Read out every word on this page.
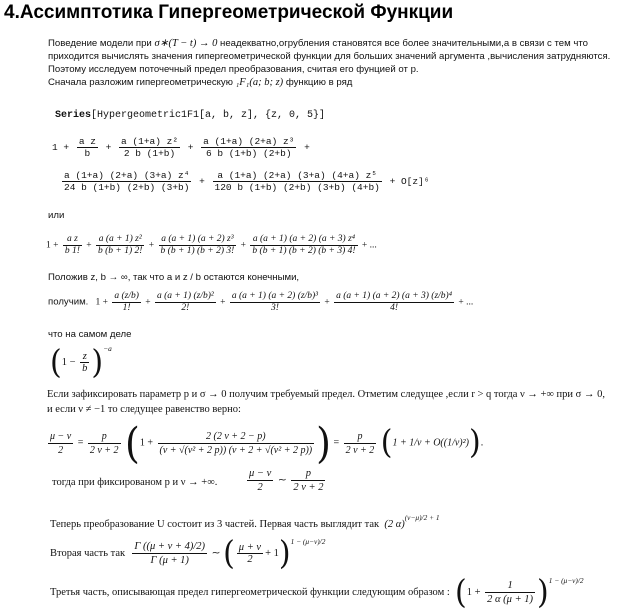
4.Ассимптотика Гипергеометрической Функции
Поведение модели при σ∗(T − t) → 0 неадекватно,огрубления становятся все более значительными,а в связи с тем что
приходится вычислять значения гипергеометрической функции для больших значений аргумента ,вычисления затрудняются.
Поэтому исследуем поточечный предел преобразования, считая его фунцией от p.
Сначала разложим гипергеометрическую ₁F₁(a; b; z) функцию в ряд
Series[Hypergeometric1F1[a, b, z], {z, 0, 5}]
$1 + \frac{\text{a z}}{b} + \frac{\text{a (1+a) z²}}{2 b (1+b)} + \frac{\text{a (1+a) (2+a) z³}}{6 b (1+b) (2+b)}$ +
$\frac{\text{a (1+a) (2+a) (3+a) z⁴}}{24 b (1+b) (2+b) (3+b)} + \frac{\text{a (1+a) (2+a) (3+a) (4+a) z⁵}}{120 b (1+b) (2+b) (3+b) (4+b)} + O[z]^6$
или
$1 + \frac{\text{a z}}{b 1!} + \frac{\text{a (a + 1) z²}}{b (b + 1) 2!} + \frac{\text{a (a + 1) (a + 2) z³}}{b (b + 1) (b + 2) 3!} + \frac{\text{a (a + 1) (a + 2) (a + 3) z⁴}}{b (b + 1) (b + 2) (b + 3) 4!}$ + ...
Положив z, b → ∞, так что a и z / b остаются конечными,
получим. $1 + \frac{a (z/b)}{1!} + \frac{\text{a (a + 1) (z/b)²}}{2!} + \frac{\text{a (a + 1) (a + 2) (z/b)³}}{3!} + \frac{\text{a (a + 1) (a + 2) (a + 3) (z/b)⁴}}{4!}$ + ...
что на самом деле
$(1 - \frac{z}{b} )^{-a}$
Если зафиксировать параметр p и σ → 0 получим требуемый предел. Отметим следущее ,если r > q тогда ν → +∞ при σ → 0,
и если ν ≠ −1 то следущее равенство верно:
$\frac{\mu - \nu}{2} = \frac{p}{2 \nu + 2} (1 + \frac{2 (2 \nu + 2 - p)}{\text{(ν + √(ν² + 2 p)) (ν + 2 + √(ν² + 2 p))}}$ ) = $\frac{p}{2 \nu + 2} (1 + 1/\nu + O((1/\nu)^2))$.
тогда при фиксированом p и ν → +∞.	$\frac{\mu - \nu}{2}$ ∼ $\frac{p}{2 \nu + 2}$
Теперь преобразование U состоит из 3 частей. Первая часть выглядит так (2 α)$^{(\nu-\mu)/2 + 1}$
Вторая часть так $\frac{\Gamma ((\mu + \nu + 4)/2)}{\Gamma (\mu + 1)}$ ∼ ( $\frac{\mu + \nu}{2} + 1)^{1 - (\mu-\nu)/2}$
Третья часть, описывающая предел гипергеометрической функции следующим образом : $(1 + \frac{1}{2 \alpha (\mu + 1)} )^{1 - (\mu-\nu)/2}$
